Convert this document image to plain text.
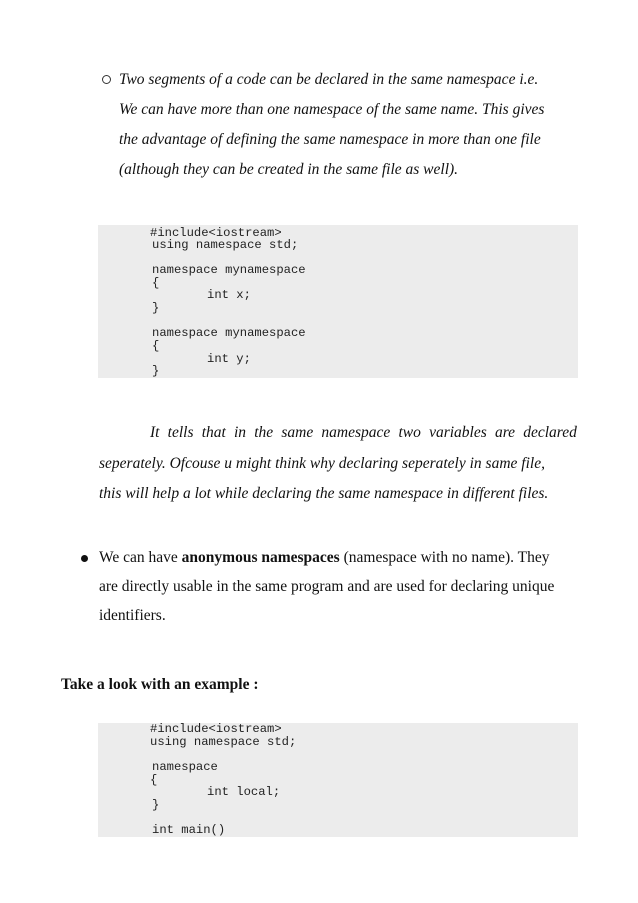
Two segments of a code can be declared in the same namespace i.e.
We can have more than one namespace of the same name. This gives
the advantage of defining the same namespace in more than one file
(although they can be created in the same file as well).
#include<iostream>
using namespace std;
namespace mynamespace
{
int x;
}
namespace mynamespace
{
int y;
}
It tells that in the same namespace two variables are declared
seperately. Ofcouse u might think why declaring seperately in same file,
this will help a lot while declaring the same namespace in different files.
We can have anonymous namespaces (namespace with no name). They
are directly usable in the same program and are used for declaring unique
identifiers.
Take a look with an example :
#include<iostream>
using namespace std;
namespace
{
int local;
}
int main()
